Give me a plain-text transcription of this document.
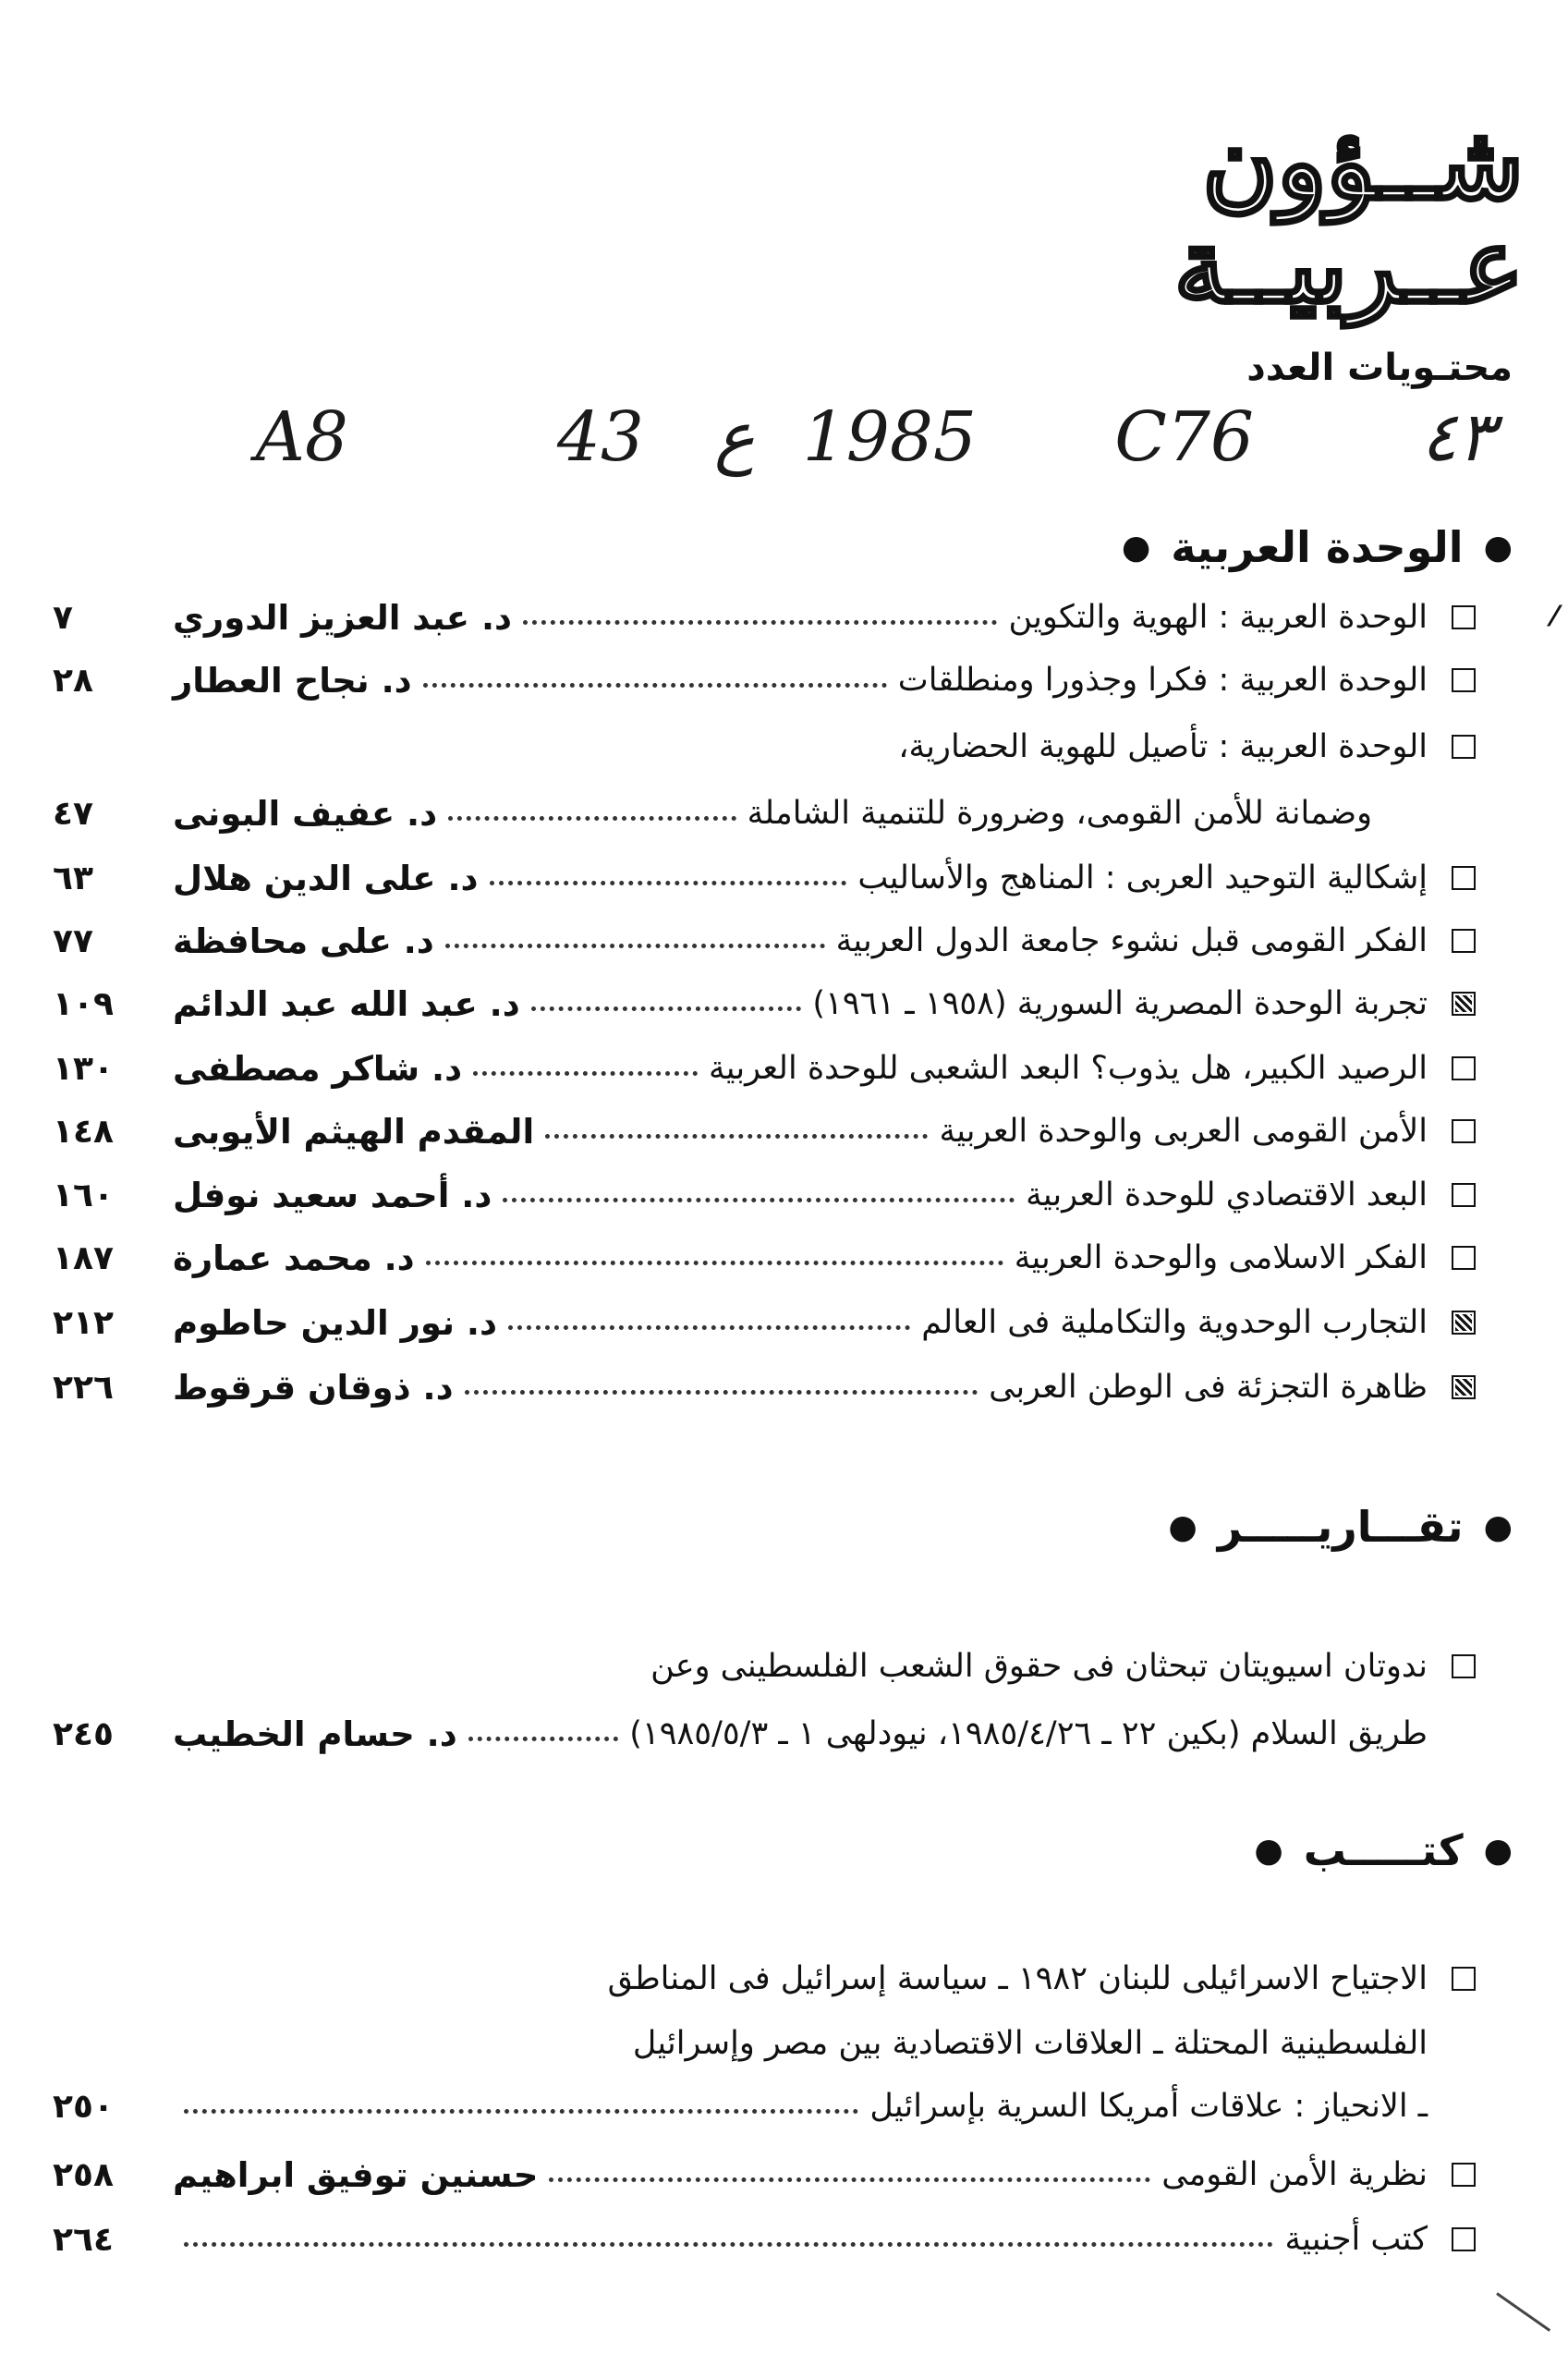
شــؤون
عــربيــة
محتـويات العدد
٤٣
C76
1985
ع
43
A8
⁄
●
الوحدة العربية
●
الوحدة العربية : الهوية والتكوين
د. عبد العزيز الدوري
٧
الوحدة العربية : فكرا وجذورا ومنطلقات
د. نجاح العطار
٢٨
الوحدة العربية : تأصيل للهوية الحضارية،
وضمانة للأمن القومى، وضرورة للتنمية الشاملة
د. عفيف البونى
٤٧
إشكالية التوحيد العربى : المناهج والأساليب
د. على الدين هلال
٦٣
الفكر القومى قبل نشوء جامعة الدول العربية
د. على محافظة
٧٧
تجربة الوحدة المصرية السورية (١٩٥٨ ـ ١٩٦١)
د. عبد الله عبد الدائم
١٠٩
الرصيد الكبير، هل يذوب؟ البعد الشعبى للوحدة العربية
د. شاكر مصطفى
١٣٠
الأمن القومى العربى والوحدة العربية
المقدم الهيثم الأيوبى
١٤٨
البعد الاقتصادي للوحدة العربية
د. أحمد سعيد نوفل
١٦٠
الفكر الاسلامى والوحدة العربية
د. محمد عمارة
١٨٧
التجارب الوحدوية والتكاملية فى العالم
د. نور الدين حاطوم
٢١٢
ظاهرة التجزئة فى الوطن العربى
د. ذوقان قرقوط
٢٢٦
●
تقـــاريـــــر
●
ندوتان اسيويتان تبحثان فى حقوق الشعب الفلسطينى وعن
طريق السلام (بكين ٢٢ ـ ١٩٨٥/٤/٢٦، نيودلهى ١ ـ ١٩٨٥/٥/٣)
د. حسام الخطيب
٢٤٥
●
كتـــــب
●
الاجتياح الاسرائيلى للبنان ١٩٨٢ ـ سياسة إسرائيل فى المناطق
الفلسطينية المحتلة ـ العلاقات الاقتصادية بين مصر وإسرائيل
ـ الانحياز : علاقات أمريكا السرية بإسرائيل
٢٥٠
نظرية الأمن القومى
حسنين توفيق ابراهيم
٢٥٨
كتب أجنبية
٢٦٤
